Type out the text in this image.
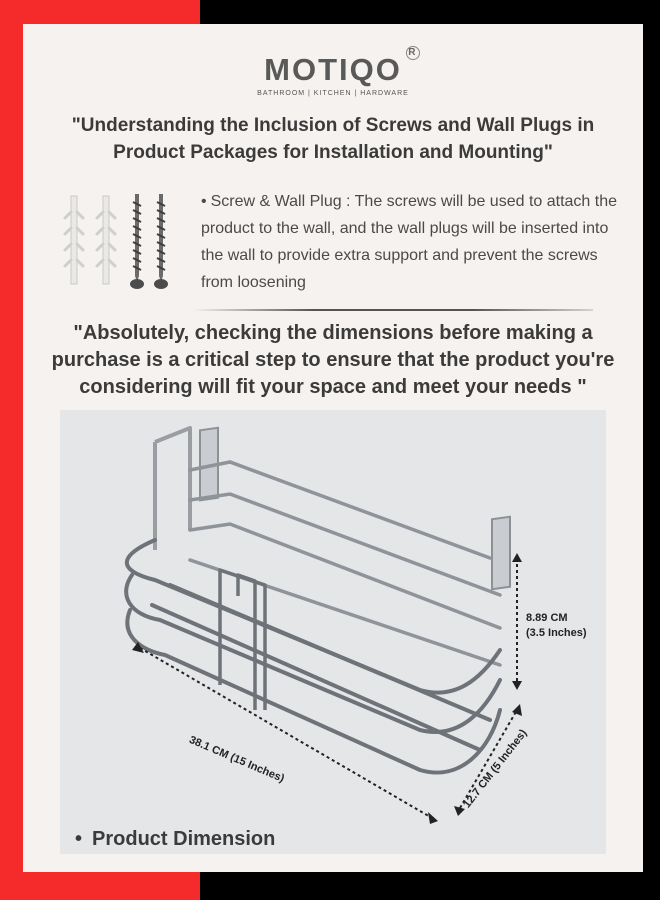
MOTIQO R
BATHROOM | KITCHEN | HARDWARE
"Understanding the Inclusion of Screws and Wall Plugs in Product Packages for Installation and Mounting"
• Screw & Wall Plug : The screws will be used to attach the product to the wall, and the wall plugs will be inserted into the wall to provide extra support and prevent the screws from loosening
"Absolutely, checking the dimensions before making a purchase is a critical step to ensure that the product you're considering will fit your space and meet your needs "
8.89 CM
(3.5 Inches)
38.1 CM (15 Inches)	12.7 CM (5 Inches)
• Product Dimension
